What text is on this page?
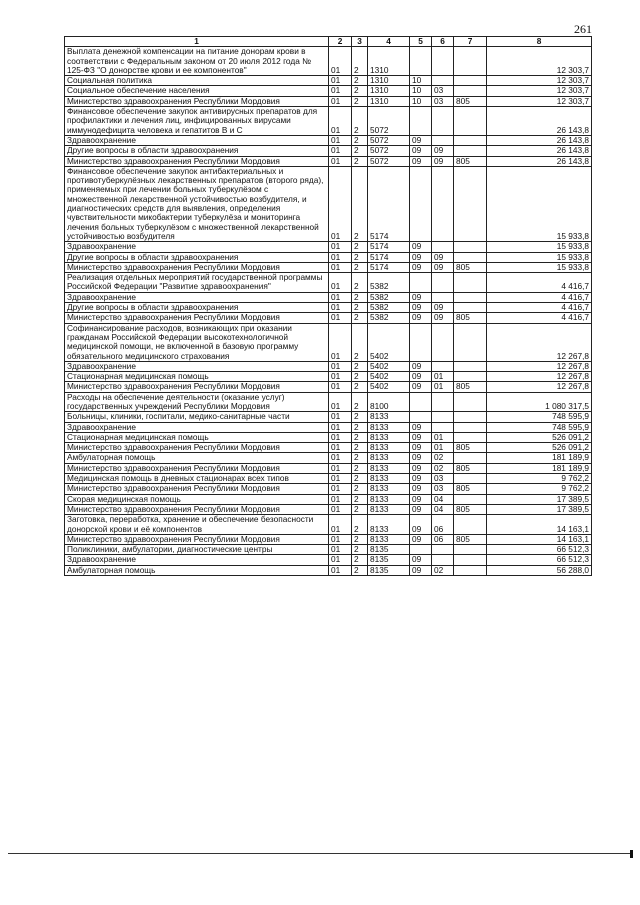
261
1	2	3	4	5	6	7	8
Выплата денежной компенсации на питание донорам крови в соответствии с Федеральным законом от 20 июля 2012 года № 125-ФЗ "О донорстве крови и ее компонентов"	01	2	1310				12 303,7
Социальная политика	01	2	1310	10			12 303,7
Социальное обеспечение населения	01	2	1310	10	03		12 303,7
Министерство здравоохранения Республики Мордовия	01	2	1310	10	03	805	12 303,7
Финансовое обеспечение закупок антивирусных препаратов для профилактики и лечения лиц, инфицированных вирусами иммунодефицита человека и гепатитов В и С	01	2	5072				26 143,8
Здравоохранение	01	2	5072	09			26 143,8
Другие вопросы в области здравоохранения	01	2	5072	09	09		26 143,8
Министерство здравоохранения Республики Мордовия	01	2	5072	09	09	805	26 143,8
Финансовое обеспечение закупок антибактериальных и противотуберкулёзных лекарственных препаратов (второго ряда), применяемых при лечении больных туберкулёзом с множественной лекарственной устойчивостью возбудителя, и диагностических средств для выявления, определения чувствительности микобактерии туберкулёза и мониторинга лечения больных туберкулёзом с множественной лекарственной устойчивостью возбудителя	01	2	5174				15 933,8
Здравоохранение	01	2	5174	09			15 933,8
Другие вопросы в области здравоохранения	01	2	5174	09	09		15 933,8
Министерство здравоохранения Республики Мордовия	01	2	5174	09	09	805	15 933,8
Реализация отдельных мероприятий государственной программы Российской Федерации "Развитие здравоохранения"	01	2	5382				4 416,7
Здравоохранение	01	2	5382	09			4 416,7
Другие вопросы в области здравоохранения	01	2	5382	09	09		4 416,7
Министерство здравоохранения Республики Мордовия	01	2	5382	09	09	805	4 416,7
Софинансирование расходов, возникающих при оказании гражданам Российской Федерации высокотехнологичной медицинской помощи, не включенной в базовую программу обязательного медицинского страхования	01	2	5402				12 267,8
Здравоохранение	01	2	5402	09			12 267,8
Стационарная медицинская помощь	01	2	5402	09	01		12 267,8
Министерство здравоохранения Республики Мордовия	01	2	5402	09	01	805	12 267,8
Расходы на обеспечение деятельности (оказание услуг) государственных учреждений Республики Мордовия	01	2	8100				1 080 317,5
Больницы, клиники, госпитали, медико-санитарные части	01	2	8133				748 595,9
Здравоохранение	01	2	8133	09			748 595,9
Стационарная медицинская помощь	01	2	8133	09	01		526 091,2
Министерство здравоохранения Республики Мордовия	01	2	8133	09	01	805	526 091,2
Амбулаторная помощь	01	2	8133	09	02		181 189,9
Министерство здравоохранения Республики Мордовия	01	2	8133	09	02	805	181 189,9
Медицинская помощь в дневных стационарах всех типов	01	2	8133	09	03		9 762,2
Министерство здравоохранения Республики Мордовия	01	2	8133	09	03	805	9 762,2
Скорая медицинская помощь	01	2	8133	09	04		17 389,5
Министерство здравоохранения Республики Мордовия	01	2	8133	09	04	805	17 389,5
Заготовка, переработка, хранение и обеспечение безопасности донорской крови и её компонентов	01	2	8133	09	06		14 163,1
Министерство здравоохранения Республики Мордовия	01	2	8133	09	06	805	14 163,1
Поликлиники, амбулатории, диагностические центры	01	2	8135				66 512,3
Здравоохранение	01	2	8135	09			66 512,3
Амбулаторная помощь	01	2	8135	09	02		56 288,0
